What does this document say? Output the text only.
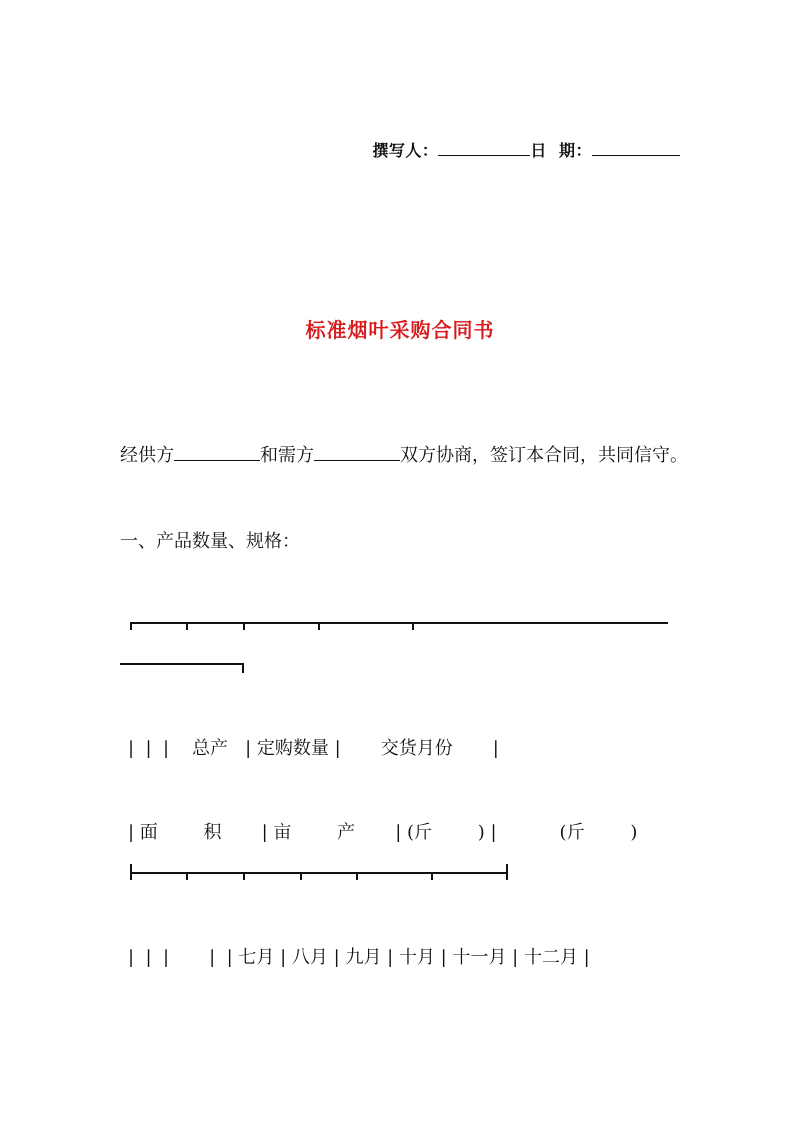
撰写人：	日  期：
标准烟叶采购合同书
经供方	和需方	双方协商，签订本合同，共同信守。
一、产品数量、规格：
|  |  |    总产   | 定购数量 |       交货月份       |
| 面        积       | 亩        产       | (斤        ) |           (斤        )
|  |  |       |  | 七月 | 八月 | 九月 | 十月 | 十一月 | 十二月 |
